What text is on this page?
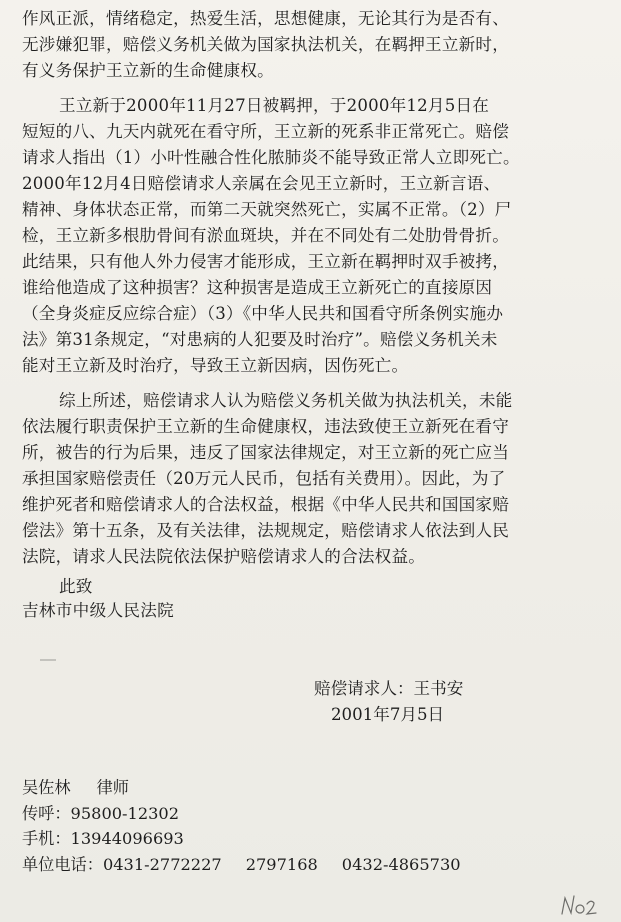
作风正派，情绪稳定，热爱生活，思想健康，无论其行为是否有、
无涉嫌犯罪，赔偿义务机关做为国家执法机关，在羁押王立新时，
有义务保护王立新的生命健康权。
王立新于2000年11月27日被羁押，于2000年12月5日在
短短的八、九天内就死在看守所，王立新的死系非正常死亡。赔偿
请求人指出（1）小叶性融合性化脓肺炎不能导致正常人立即死亡。
2000年12月4日赔偿请求人亲属在会见王立新时，王立新言语、
精神、身体状态正常，而第二天就突然死亡，实属不正常。（2）尸
检，王立新多根肋骨间有淤血斑块，并在不同处有二处肋骨骨折。
此结果，只有他人外力侵害才能形成，王立新在羁押时双手被拷，
谁给他造成了这种损害？这种损害是造成王立新死亡的直接原因
（全身炎症反应综合症）（3）《中华人民共和国看守所条例实施办
法》第31条规定，“对患病的人犯要及时治疗”。赔偿义务机关未
能对王立新及时治疗，导致王立新因病，因伤死亡。
综上所述，赔偿请求人认为赔偿义务机关做为执法机关，未能
依法履行职责保护王立新的生命健康权，违法致使王立新死在看守
所，被告的行为后果，违反了国家法律规定，对王立新的死亡应当
承担国家赔偿责任（20万元人民币，包括有关费用）。因此，为了
维护死者和赔偿请求人的合法权益，根据《中华人民共和国国家赔
偿法》第十五条，及有关法律，法规规定，赔偿请求人依法到人民
法院，请求人民法院依法保护赔偿请求人的合法权益。
此致
吉林市中级人民法院
赔偿请求人：王书安
2001年7月5日
吴佐林 律师
传呼：95800-12302
手机：13944096693
单位电话：0431-2772227 2797168 0432-4865730
